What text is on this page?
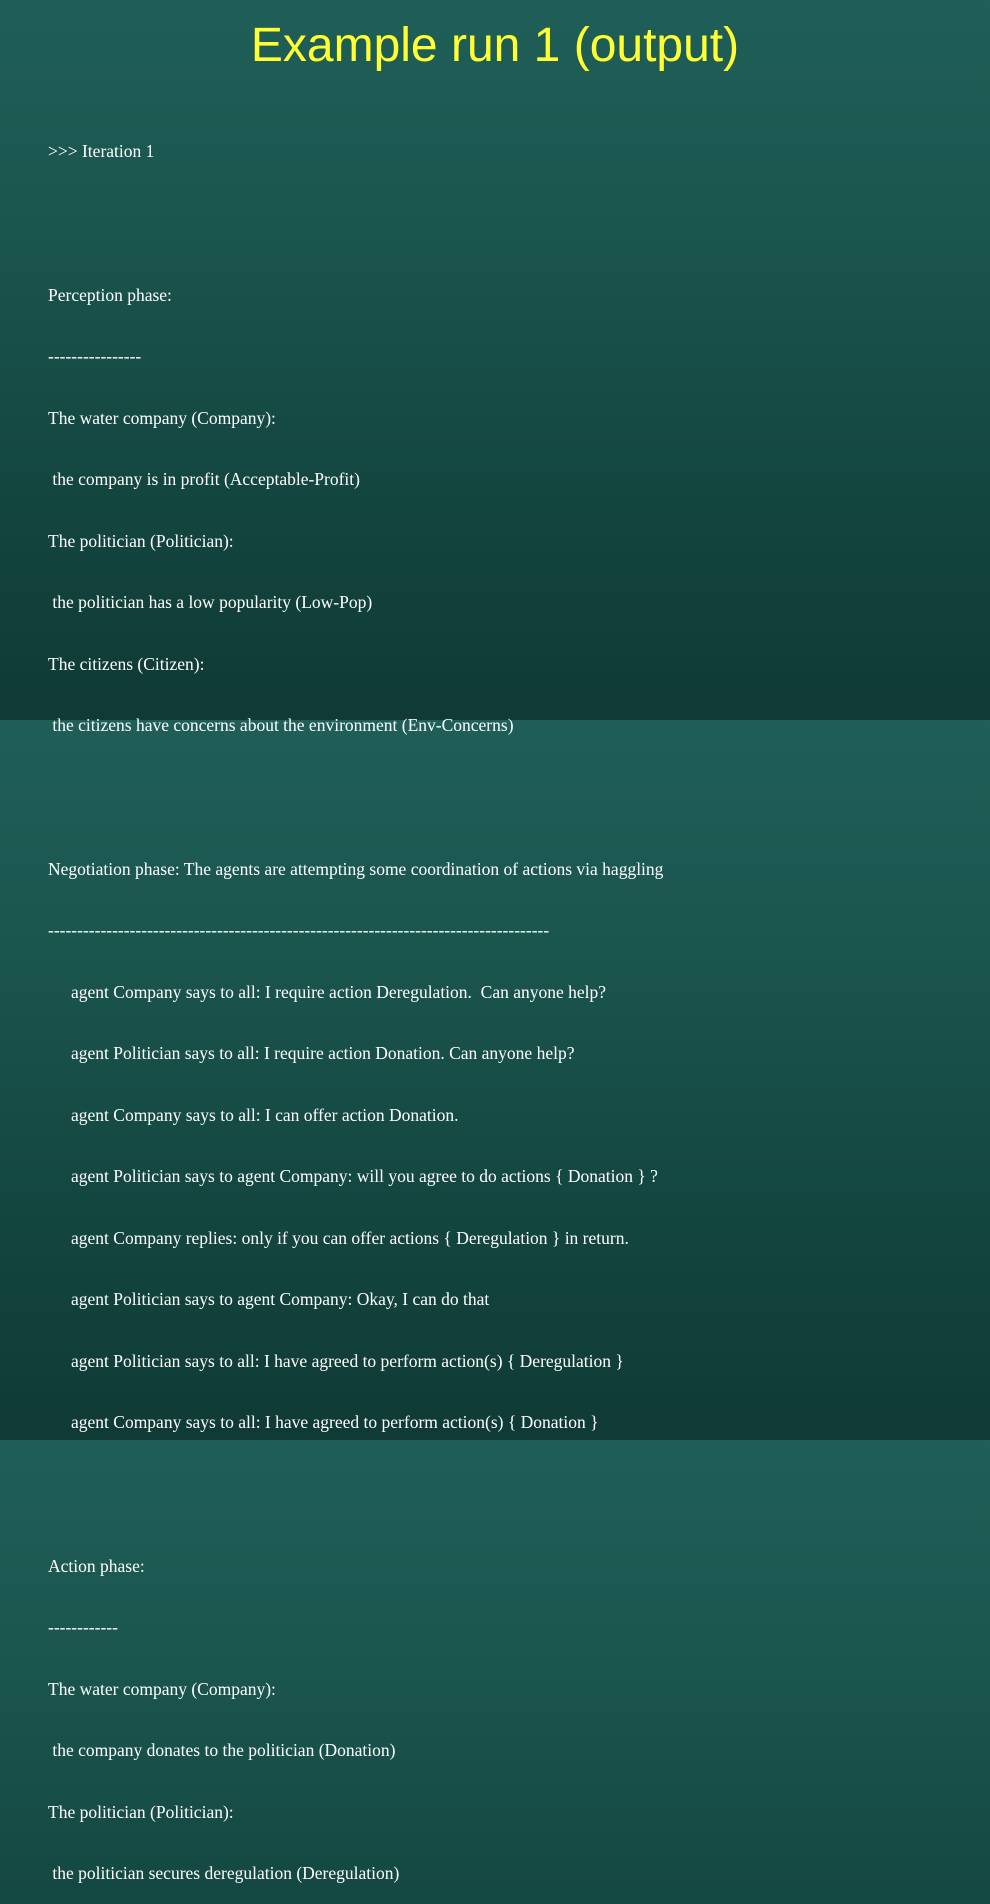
Example run 1 (output)

>>> Iteration 1

Perception phase:

----------------

The water company (Company):

the company is in profit (Acceptable-Profit)

The politician (Politician):

the politician has a low popularity (Low-Pop)

The citizens (Citizen):

the citizens have concerns about the environment (Env-Concerns)

Negotiation phase: The agents are attempting some coordination of actions via haggling

--------------------------------------------------------------------------------------

agent Company says to all: I require action Deregulation.  Can anyone help?

agent Politician says to all: I require action Donation. Can anyone help?

agent Company says to all: I can offer action Donation.

agent Politician says to agent Company: will you agree to do actions { Donation } ?

agent Company replies: only if you can offer actions { Deregulation } in return.

agent Politician says to agent Company: Okay, I can do that

agent Politician says to all: I have agreed to perform action(s) { Deregulation }

agent Company says to all: I have agreed to perform action(s) { Donation }

Action phase:

------------

The water company (Company):

the company donates to the politician (Donation)

The politician (Politician):

the politician secures deregulation (Deregulation)
